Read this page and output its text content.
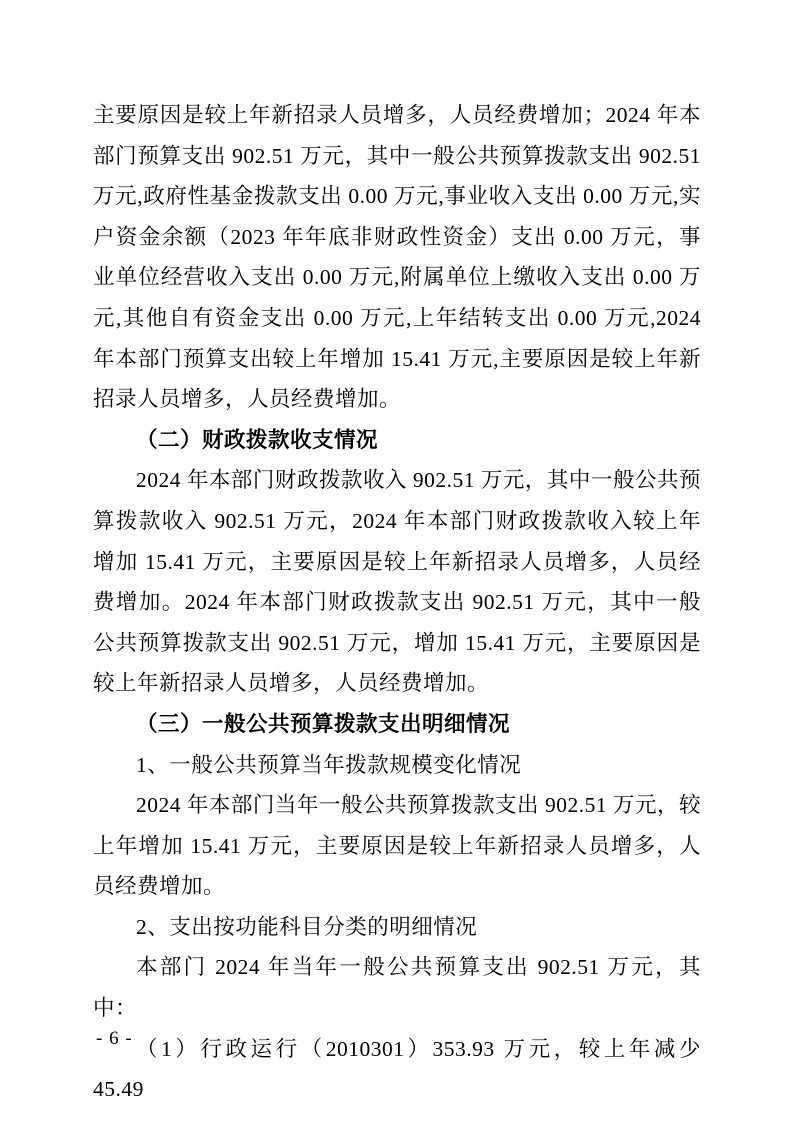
主要原因是较上年新招录人员增多，人员经费增加；2024 年本部门预算支出 902.51 万元，其中一般公共预算拨款支出 902.51 万元,政府性基金拨款支出 0.00 万元,事业收入支出 0.00 万元,实户资金余额（2023 年年底非财政性资金）支出 0.00 万元，事业单位经营收入支出 0.00 万元,附属单位上缴收入支出 0.00 万元,其他自有资金支出 0.00 万元,上年结转支出 0.00 万元,2024 年本部门预算支出较上年增加 15.41 万元,主要原因是较上年新招录人员增多，人员经费增加。

（二）财政拨款收支情况

2024 年本部门财政拨款收入 902.51 万元，其中一般公共预算拨款收入 902.51 万元，2024 年本部门财政拨款收入较上年增加 15.41 万元，主要原因是较上年新招录人员增多，人员经费增加。2024 年本部门财政拨款支出 902.51 万元，其中一般公共预算拨款支出 902.51 万元，增加 15.41 万元，主要原因是较上年新招录人员增多，人员经费增加。

（三）一般公共预算拨款支出明细情况

1、一般公共预算当年拨款规模变化情况

2024 年本部门当年一般公共预算拨款支出 902.51 万元，较上年增加 15.41 万元，主要原因是较上年新招录人员增多，人员经费增加。

2、支出按功能科目分类的明细情况

本部门 2024 年当年一般公共预算支出 902.51 万元，其中：

（1）行政运行（2010301）353.93 万元，较上年减少 45.49

- 6 -
